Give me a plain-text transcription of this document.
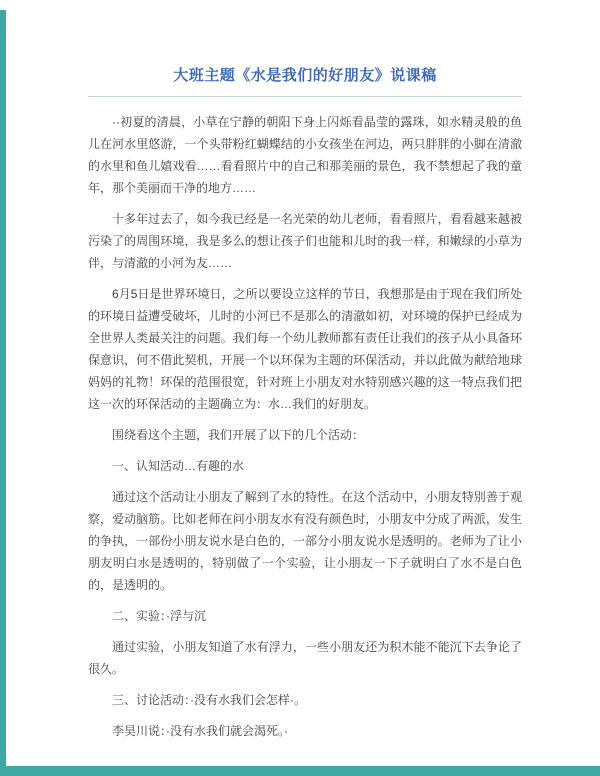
大班主题《水是我们的好朋友》说课稿

··初夏的清晨，小草在宁静的朝阳下身上闪烁看晶莹的露珠，如水精灵般的鱼儿在河水里悠游，一个头带粉红蝴蝶结的小女孩坐在河边，两只胖胖的小脚在清澈的水里和鱼儿嬉戏看……看看照片中的自己和那美丽的景色，我不禁想起了我的童年，那个美丽而干净的地方……

十多年过去了，如今我已经是一名光荣的幼儿老师，看看照片，看看越来越被污染了的周围环境，我是多么的想让孩子们也能和儿时的我一样，和嫩绿的小草为伴，与清澈的小河为友……

6月5日是世界环境日，之所以要设立这样的节日，我想那是由于现在我们所处的环境日益遭受破坏，儿时的小河已不是那么的清澈如初，对环境的保护已经成为全世界人类最关注的问题。我们每一个幼儿教师都有责任让我们的孩子从小具备环保意识，何不借此契机，开展一个以环保为主题的环保活动，并以此做为献给地球妈妈的礼物！环保的范围很宽，针对班上小朋友对水特别感兴趣的这一特点我们把这一次的环保活动的主题确立为：水…我们的好朋友。

围绕看这个主题，我们开展了以下的几个活动：

一、认知活动…有趣的水

通过这个活动让小朋友了解到了水的特性。在这个活动中，小朋友特别善于观察，爱动脑筋。比如老师在问小朋友水有没有颜色时，小朋友中分成了两派，发生的争执，一部份小朋友说水是白色的，一部分小朋友说水是透明的。老师为了让小朋友明白水是透明的，特别做了一个实验，让小朋友一下子就明白了水不是白色的，是透明的。

二、实验：·浮与沉

通过实验，小朋友知道了水有浮力，一些小朋友还为积木能不能沉下去争论了很久。

三、讨论活动：·没有水我们会怎样·。

李昊川说：·没有水我们就会渴死。·
